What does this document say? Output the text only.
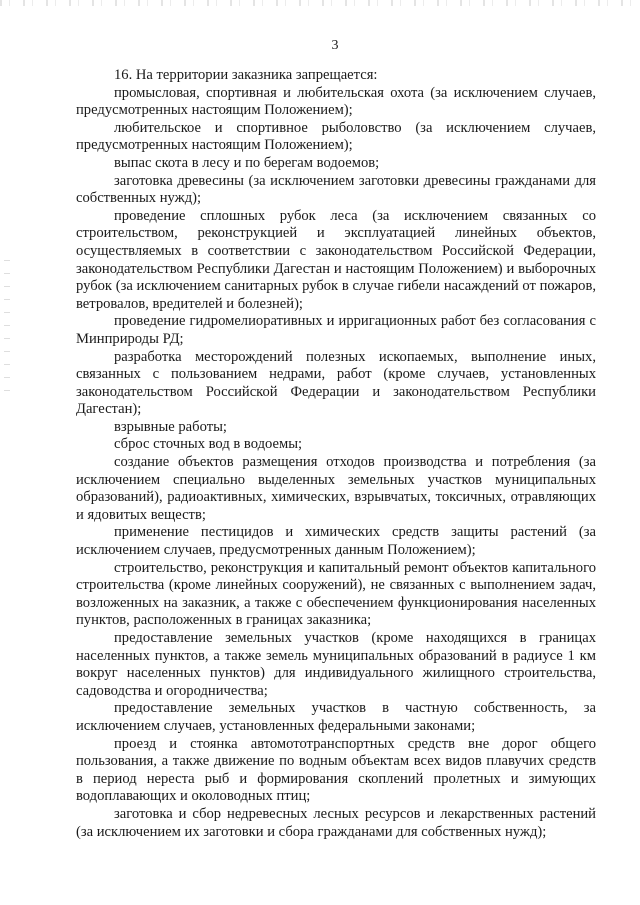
3

16. На территории заказника запрещается:

промысловая, спортивная и любительская охота (за исключением случаев, предусмотренных настоящим Положением);

любительское и спортивное рыболовство (за исключением случаев, предусмотренных настоящим Положением);

выпас скота в лесу и по берегам водоемов;

заготовка древесины (за исключением заготовки древесины гражданами для собственных нужд);

проведение сплошных рубок леса (за исключением связанных со строительством, реконструкцией и эксплуатацией линейных объектов, осуществляемых в соответствии с законодательством Российской Федерации, законодательством Республики Дагестан и настоящим Положением) и выборочных рубок (за исключением санитарных рубок в случае гибели насаждений от пожаров, ветровалов, вредителей и болезней);

проведение гидромелиоративных и ирригационных работ без согласования с Минприроды РД;

разработка месторождений полезных ископаемых, выполнение иных, связанных с пользованием недрами, работ (кроме случаев, установленных законодательством Российской Федерации и законодательством Республики Дагестан);

взрывные работы;

сброс сточных вод в водоемы;

создание объектов размещения отходов производства и потребления (за исключением специально выделенных земельных участков муниципальных образований), радиоактивных, химических, взрывчатых, токсичных, отравляющих и ядовитых веществ;

применение пестицидов и химических средств защиты растений (за исключением случаев, предусмотренных данным Положением);

строительство, реконструкция и капитальный ремонт объектов капитального строительства (кроме линейных сооружений), не связанных с выполнением задач, возложенных на заказник, а также с обеспечением функционирования населенных пунктов, расположенных в границах заказника;

предоставление земельных участков (кроме находящихся в границах населенных пунктов, а также земель муниципальных образований в радиусе 1 км вокруг населенных пунктов) для индивидуального жилищного строительства, садоводства и огородничества;

предоставление земельных участков в частную собственность, за исключением случаев, установленных федеральными законами;

проезд и стоянка автомототранспортных средств вне дорог общего пользования, а также движение по водным объектам всех видов плавучих средств в период нереста рыб и формирования скоплений пролетных и зимующих водоплавающих и околоводных птиц;

заготовка и сбор недревесных лесных ресурсов и лекарственных растений (за исключением их заготовки и сбора гражданами для собственных нужд);
